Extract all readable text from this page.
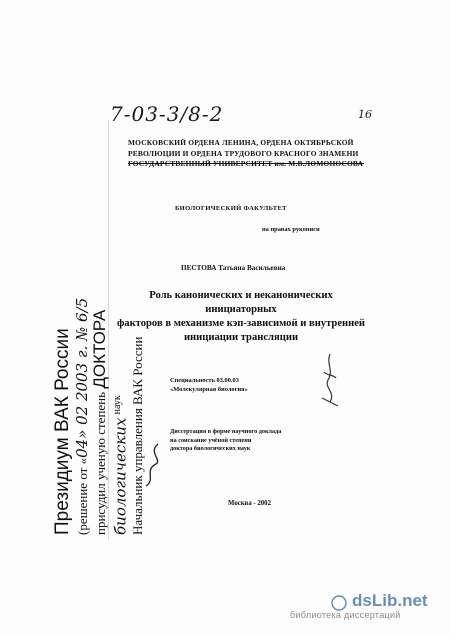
7-03-3/8-2	16
МОСКОВСКИЙ ОРДЕНА ЛЕНИНА, ОРДЕНА ОКТЯБРЬСКОЙ
РЕВОЛЮЦИИ И ОРДЕНА ТРУДОВОГО КРАСНОГО ЗНАМЕНИ
БИОЛОГИЧЕСКИЙ ФАКУЛЬТЕТ
на правах рукописи
ПЕСТОВА Татьяна Васильевна
Роль канонических и неканонических инициаторных
факторов в механизме кэп-зависимой и внутренней
инициации трансляции
Специальность 03.00.03
«Молекулярная биология»
Диссертация в форме научного доклада
на соискание учёной степени
доктора биологических наук
Москва - 2002
Президиум ВАК России (решение от «04» 02 2003 г. № 6/5
присудил ученую степень ДОКТОРА
биологических $^{наук}$ Начальник управления ВАК России
dsLib.net
библиотека диссертаций
